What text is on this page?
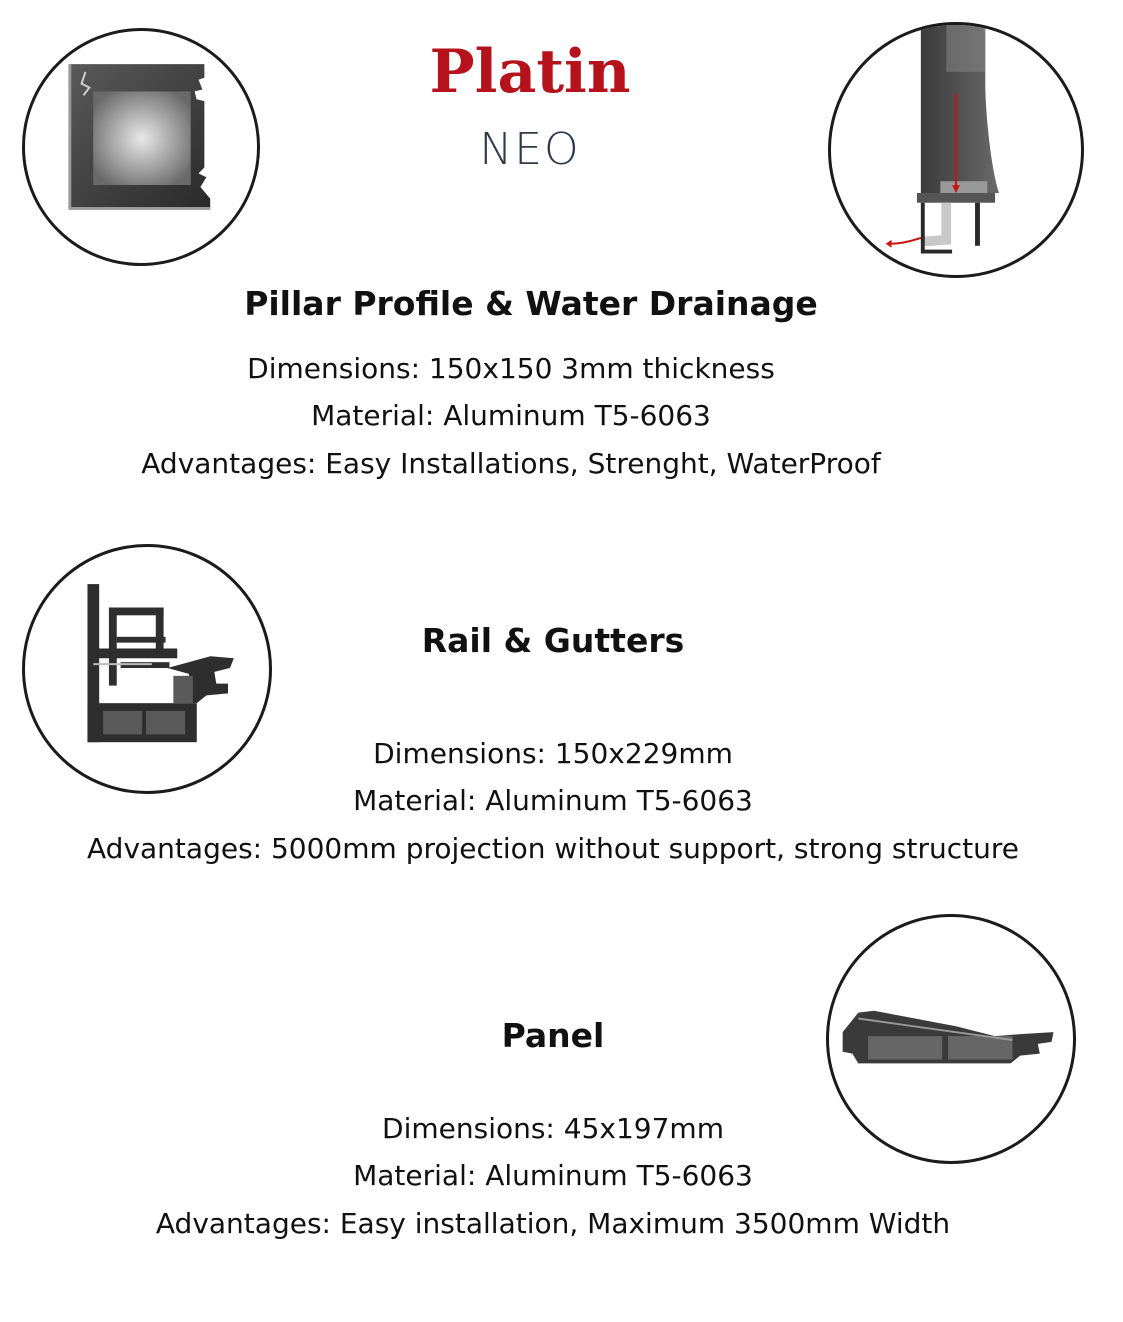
Platin
NEO
Pillar Profile & Water Drainage
Dimensions: 150x150 3mm thickness
Material: Aluminum T5-6063
Advantages: Easy Installations, Strenght, WaterProof
Rail & Gutters
Dimensions: 150x229mm
Material: Aluminum T5-6063
Advantages: 5000mm projection without support, strong structure
Panel
Dimensions: 45x197mm
Material: Aluminum T5-6063
Advantages: Easy installation, Maximum 3500mm Width
